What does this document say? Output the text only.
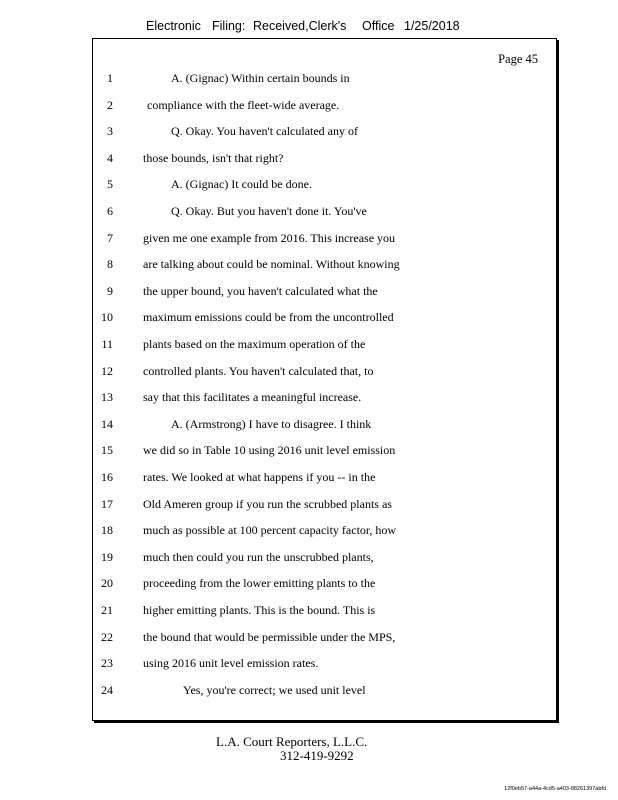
Electronic Filing: Received,Clerk's Office 1/25/2018
Page 45
1	A. (Gignac) Within certain bounds in
2	compliance with the fleet-wide average.
3	Q. Okay. You haven't calculated any of
4	those bounds, isn't that right?
5	A. (Gignac) It could be done.
6	Q. Okay. But you haven't done it. You've
7	given me one example from 2016. This increase you
8	are talking about could be nominal. Without knowing
9	the upper bound, you haven't calculated what the
10	maximum emissions could be from the uncontrolled
11	plants based on the maximum operation of the
12	controlled plants. You haven't calculated that, to
13	say that this facilitates a meaningful increase.
14	A. (Armstrong) I have to disagree. I think
15	we did so in Table 10 using 2016 unit level emission
16	rates. We looked at what happens if you -- in the
17	Old Ameren group if you run the scrubbed plants as
18	much as possible at 100 percent capacity factor, how
19	much then could you run the unscrubbed plants,
20	proceeding from the lower emitting plants to the
21	higher emitting plants. This is the bound. This is
22	the bound that would be permissible under the MPS,
23	using 2016 unit level emission rates.
24	Yes, you're correct; we used unit level
L.A. Court Reporters, L.L.C.
312-419-9292
12f0eb57-a44a-4cd5-a403-88261397abfd
